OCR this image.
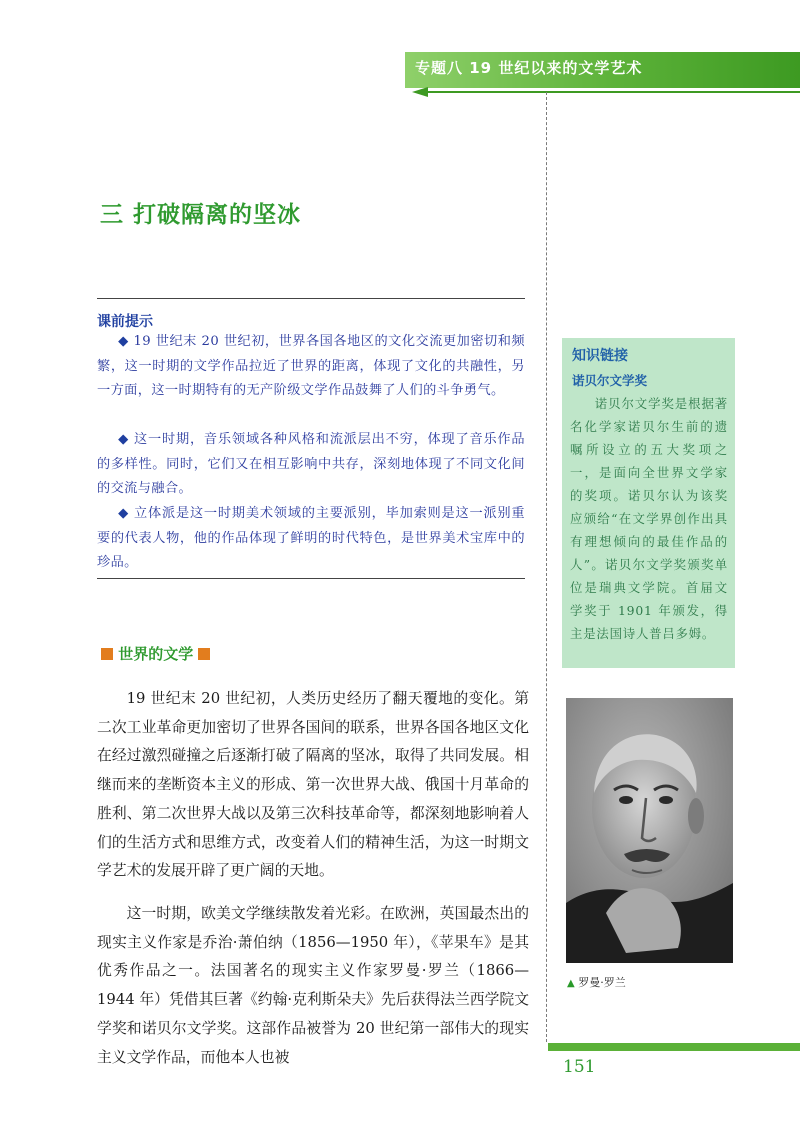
专题八 19 世纪以来的文学艺术
三 打破隔离的坚冰
课前提示

◆ 19 世纪末 20 世纪初，世界各国各地区的文化交流更加密切和频繁，这一时期的文学作品拉近了世界的距离，体现了文化的共融性，另一方面，这一时期特有的无产阶级文学作品鼓舞了人们的斗争勇气。

◆ 这一时期，音乐领域各种风格和流派层出不穷，体现了音乐作品的多样性。同时，它们又在相互影响中共存，深刻地体现了不同文化间的交流与融合。

◆ 立体派是这一时期美术领域的主要派别，毕加索则是这一派别重要的代表人物，他的作品体现了鲜明的时代特色，是世界美术宝库中的珍品。

知识链接
诺贝尔文学奖

诺贝尔文学奖是根据著名化学家诺贝尔生前的遗嘱所设立的五大奖项之一，是面向全世界文学家的奖项。诺贝尔认为该奖应颁给“在文学界创作出具有理想倾向的最佳作品的人”。诺贝尔文学奖颁奖单位是瑞典文学院。首届文学奖于 1901 年颁发，得主是法国诗人普吕多姆。

▲ 罗曼·罗兰
世界的文学

19 世纪末 20 世纪初，人类历史经历了翻天覆地的变化。第二次工业革命更加密切了世界各国间的联系，世界各国各地区文化在经过激烈碰撞之后逐渐打破了隔离的坚冰，取得了共同发展。相继而来的垄断资本主义的形成、第一次世界大战、俄国十月革命的胜利、第二次世界大战以及第三次科技革命等，都深刻地影响着人们的生活方式和思维方式，改变着人们的精神生活，为这一时期文学艺术的发展开辟了更广阔的天地。

这一时期，欧美文学继续散发着光彩。在欧洲，英国最杰出的现实主义作家是乔治·萧伯纳（1856—1950 年），《苹果车》是其优秀作品之一。法国著名的现实主义作家罗曼·罗兰（1866—1944 年）凭借其巨著《约翰·克利斯朵夫》先后获得法兰西学院文学奖和诺贝尔文学奖。这部作品被誉为 20 世纪第一部伟大的现实主义文学作品，而他本人也被	151
